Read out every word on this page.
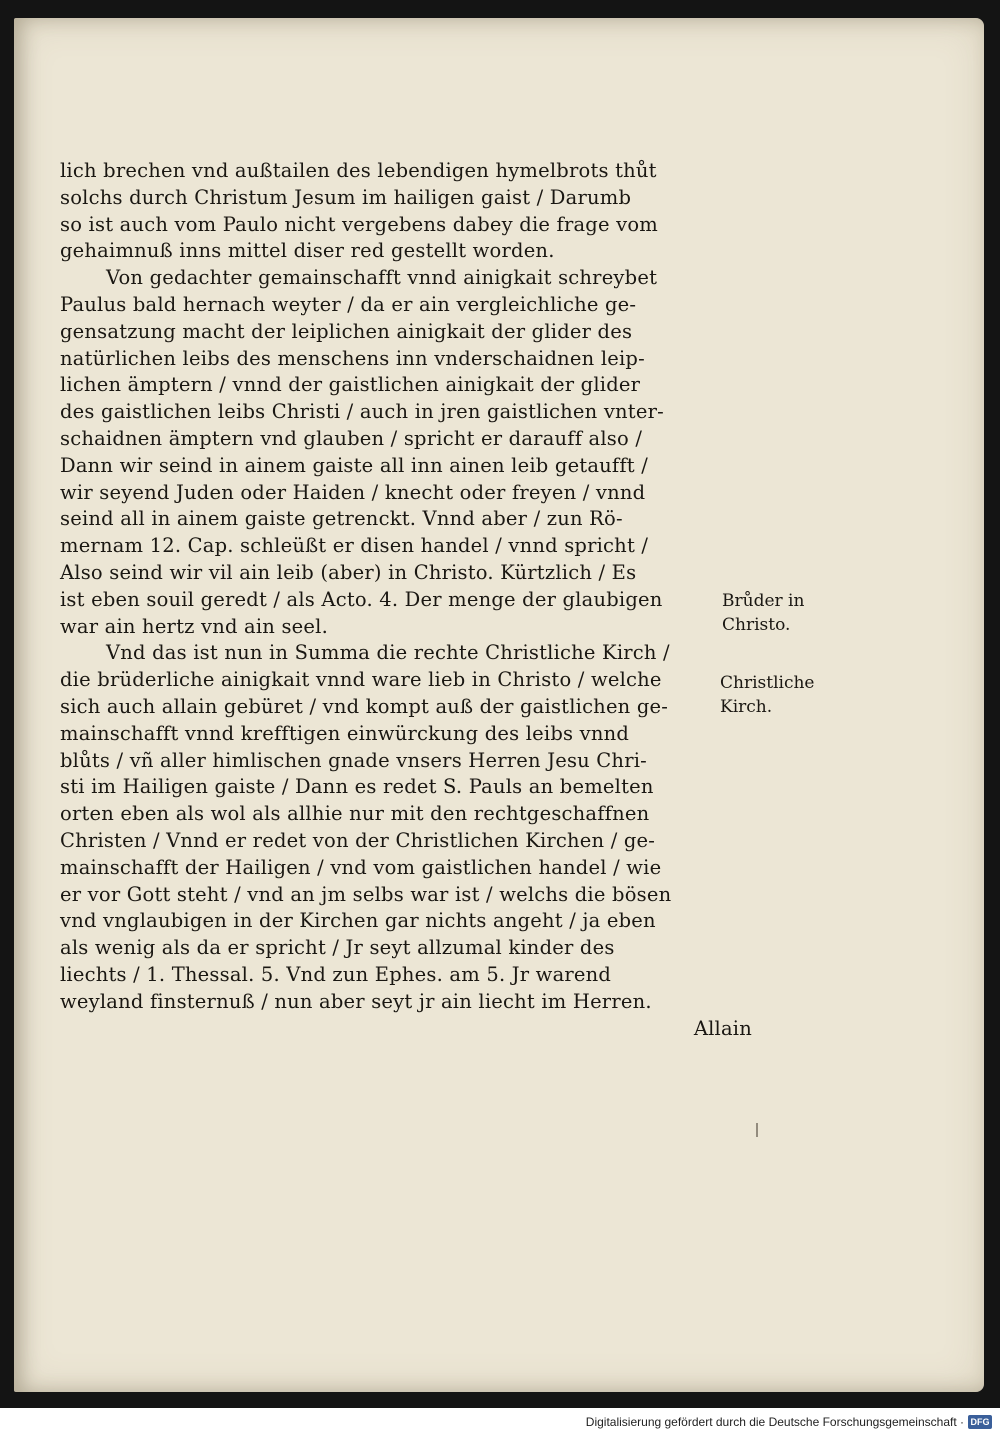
lich brechen vnd außtailen des lebendigen hymelbrots thůt
solchs durch Christum Jesum im hailigen gaist / Darumb
so ist auch vom Paulo nicht vergebens dabey die frage vom
gehaimnuß inns mittel diser red gestellt worden.
Von gedachter gemainschafft vnnd ainigkait schreybet
Paulus bald hernach weyter / da er ain vergleichliche ge-
gensatzung macht der leiplichen ainigkait der glider des
natürlichen leibs des menschens inn vnderschaidnen leip-
lichen ämptern / vnnd der gaistlichen ainigkait der glider
des gaistlichen leibs Christi / auch in jren gaistlichen vnter-
schaidnen ämptern vnd glauben / spricht er darauff also /
Dann wir seind in ainem gaiste all inn ainen leib getaufft /
wir seyend Juden oder Haiden / knecht oder freyen / vnnd
seind all in ainem gaiste getrenckt. Vnnd aber / zun Rö-
mernam 12. Cap. schleüßt er disen handel / vnnd spricht /
Also seind wir vil ain leib (aber) in Christo. Kürtzlich / Es
ist eben souil geredt / als Acto. 4. Der menge der glaubigen
war ain hertz vnd ain seel.
Vnd das ist nun in Summa die rechte Christliche Kirch /
die brüderliche ainigkait vnnd ware lieb in Christo / welche
sich auch allain gebüret / vnd kompt auß der gaistlichen ge-
mainschafft vnnd krefftigen einwürckung des leibs vnnd
blůts / vñ aller himlischen gnade vnsers Herren Jesu Chri-
sti im Hailigen gaiste / Dann es redet S. Pauls an bemelten
orten eben als wol als allhie nur mit den rechtgeschaffnen
Christen / Vnnd er redet von der Christlichen Kirchen / ge-
mainschafft der Hailigen / vnd vom gaistlichen handel / wie
er vor Gott steht / vnd an jm selbs war ist / welchs die bösen
vnd vnglaubigen in der Kirchen gar nichts angeht / ja eben
als wenig als da er spricht / Jr seyt allzumal kinder des
liechts / 1. Thessal. 5. Vnd zun Ephes. am 5. Jr warend
weyland finsternuß / nun aber seyt jr ain liecht im Herren.
Allain
Brůder in
Christo.
Christliche
Kirch.
Digitalisierung gefördert durch die Deutsche Forschungsgemeinschaft · DFG
